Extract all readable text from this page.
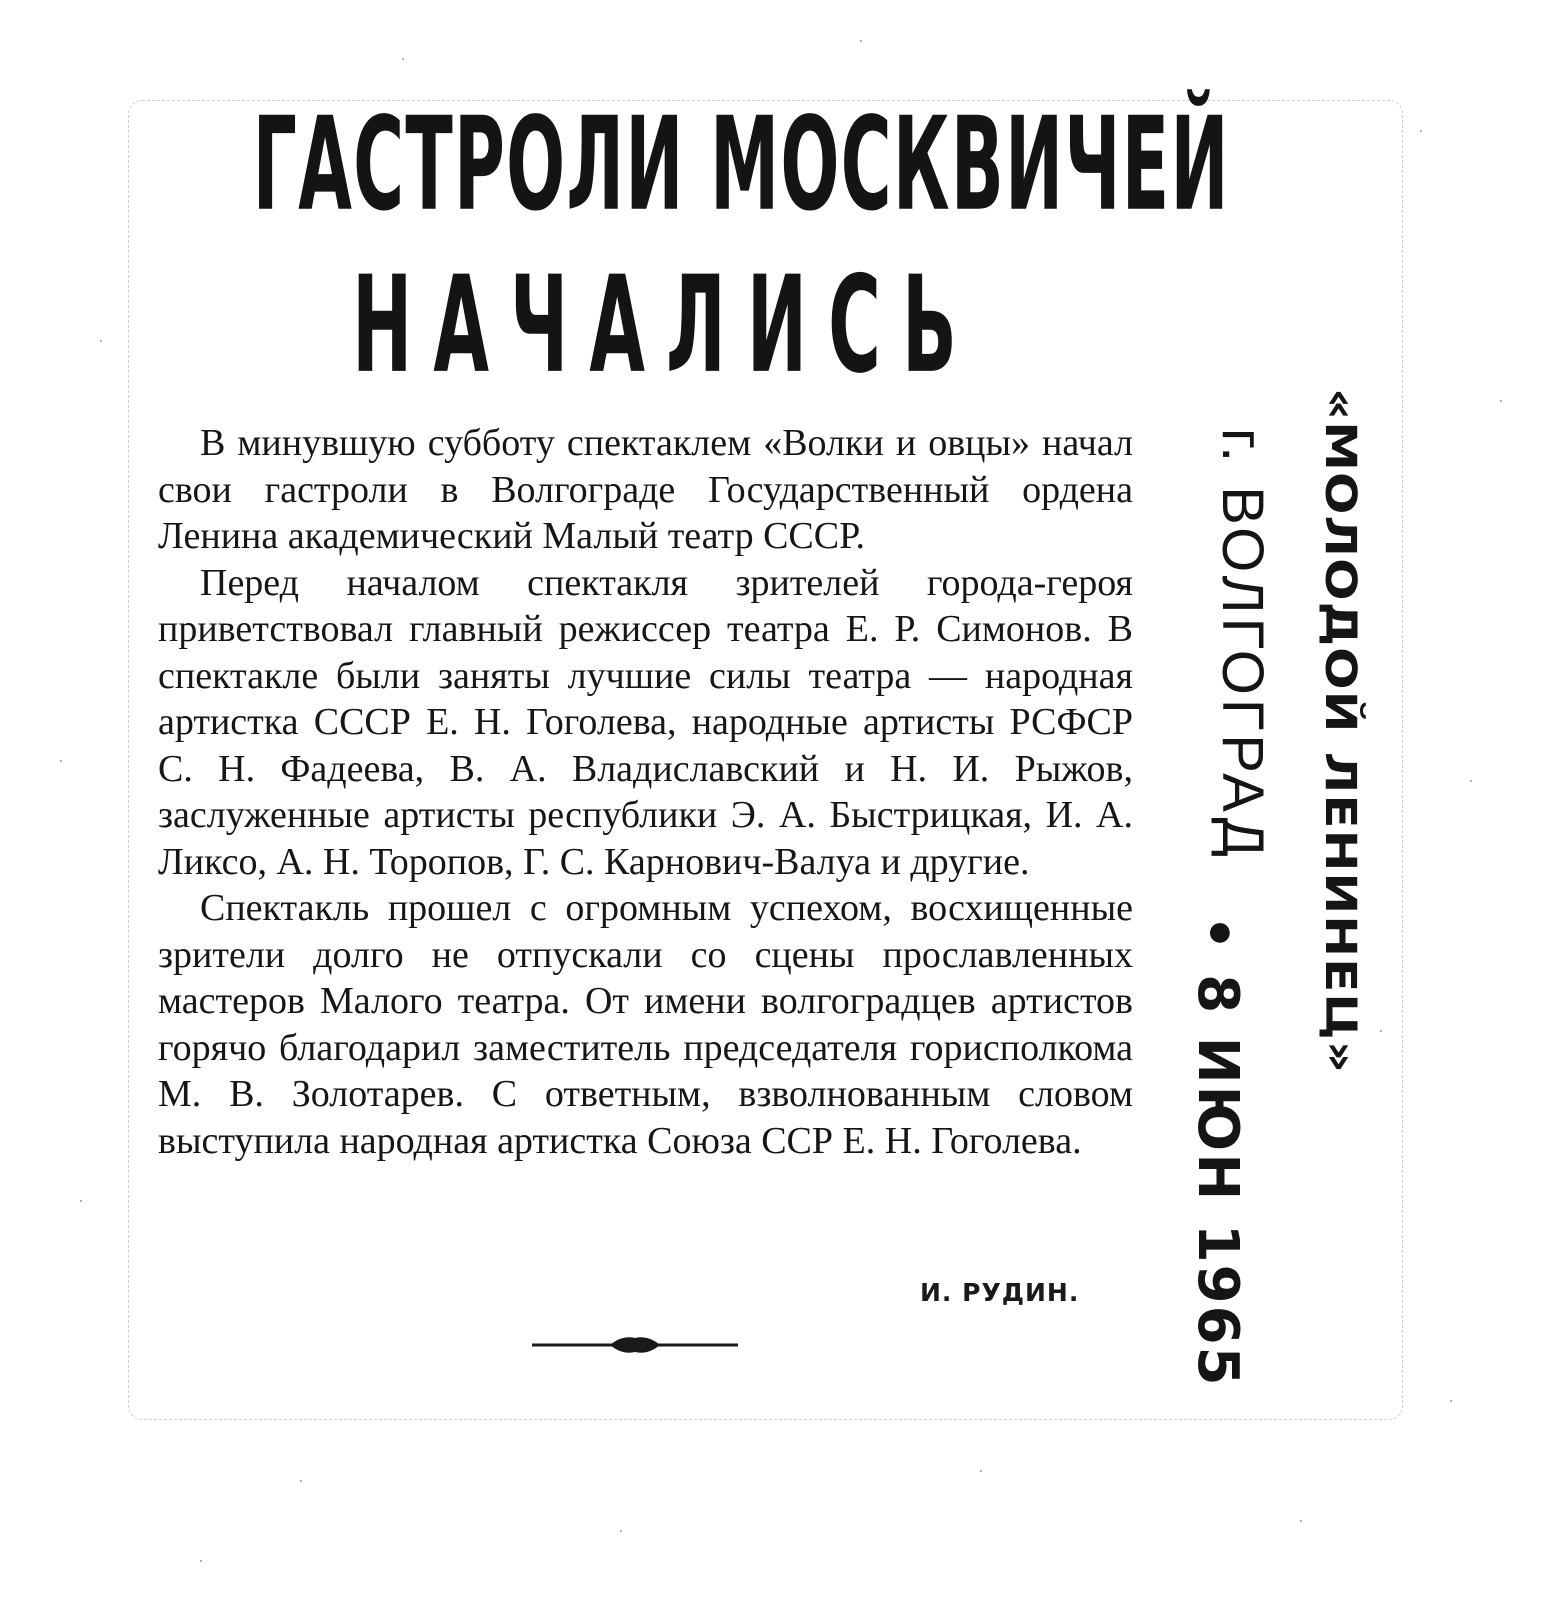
ГАСТРОЛИ МОСКВИЧЕЙ
НАЧАЛИСЬ

В минувшую субботу спектаклем «Волки и овцы» начал свои гастроли в Волгограде Государственный ордена Ленина академический Малый театр СССР.

Перед началом спектакля зрителей города-героя приветствовал главный режиссер театра Е. Р. Симонов. В спектакле были заняты лучшие силы театра — народная артистка СССР Е. Н. Гоголева, народные артисты РСФСР С. Н. Фадеева, В. А. Владиславский и Н. И. Рыжов, заслуженные артисты республики Э. А. Быстрицкая, И. А. Ликсо, А. Н. Торопов, Г. С. Карнович-Валуа и другие.

Спектакль прошел с огромным успехом, восхищенные зрители долго не отпускали со сцены прославленных мастеров Малого театра. От имени волгоградцев артистов горячо благодарил заместитель председателя горисполкома М. В. Золотарев. С ответным, взволнованным словом выступила народная артистка Союза ССР Е. Н. Гоголева.

И. РУДИН.
«МОЛОДОЙ ЛЕНИНЕЦ»
г. ВОЛГОГРАД
• 8 ИЮН 1965
